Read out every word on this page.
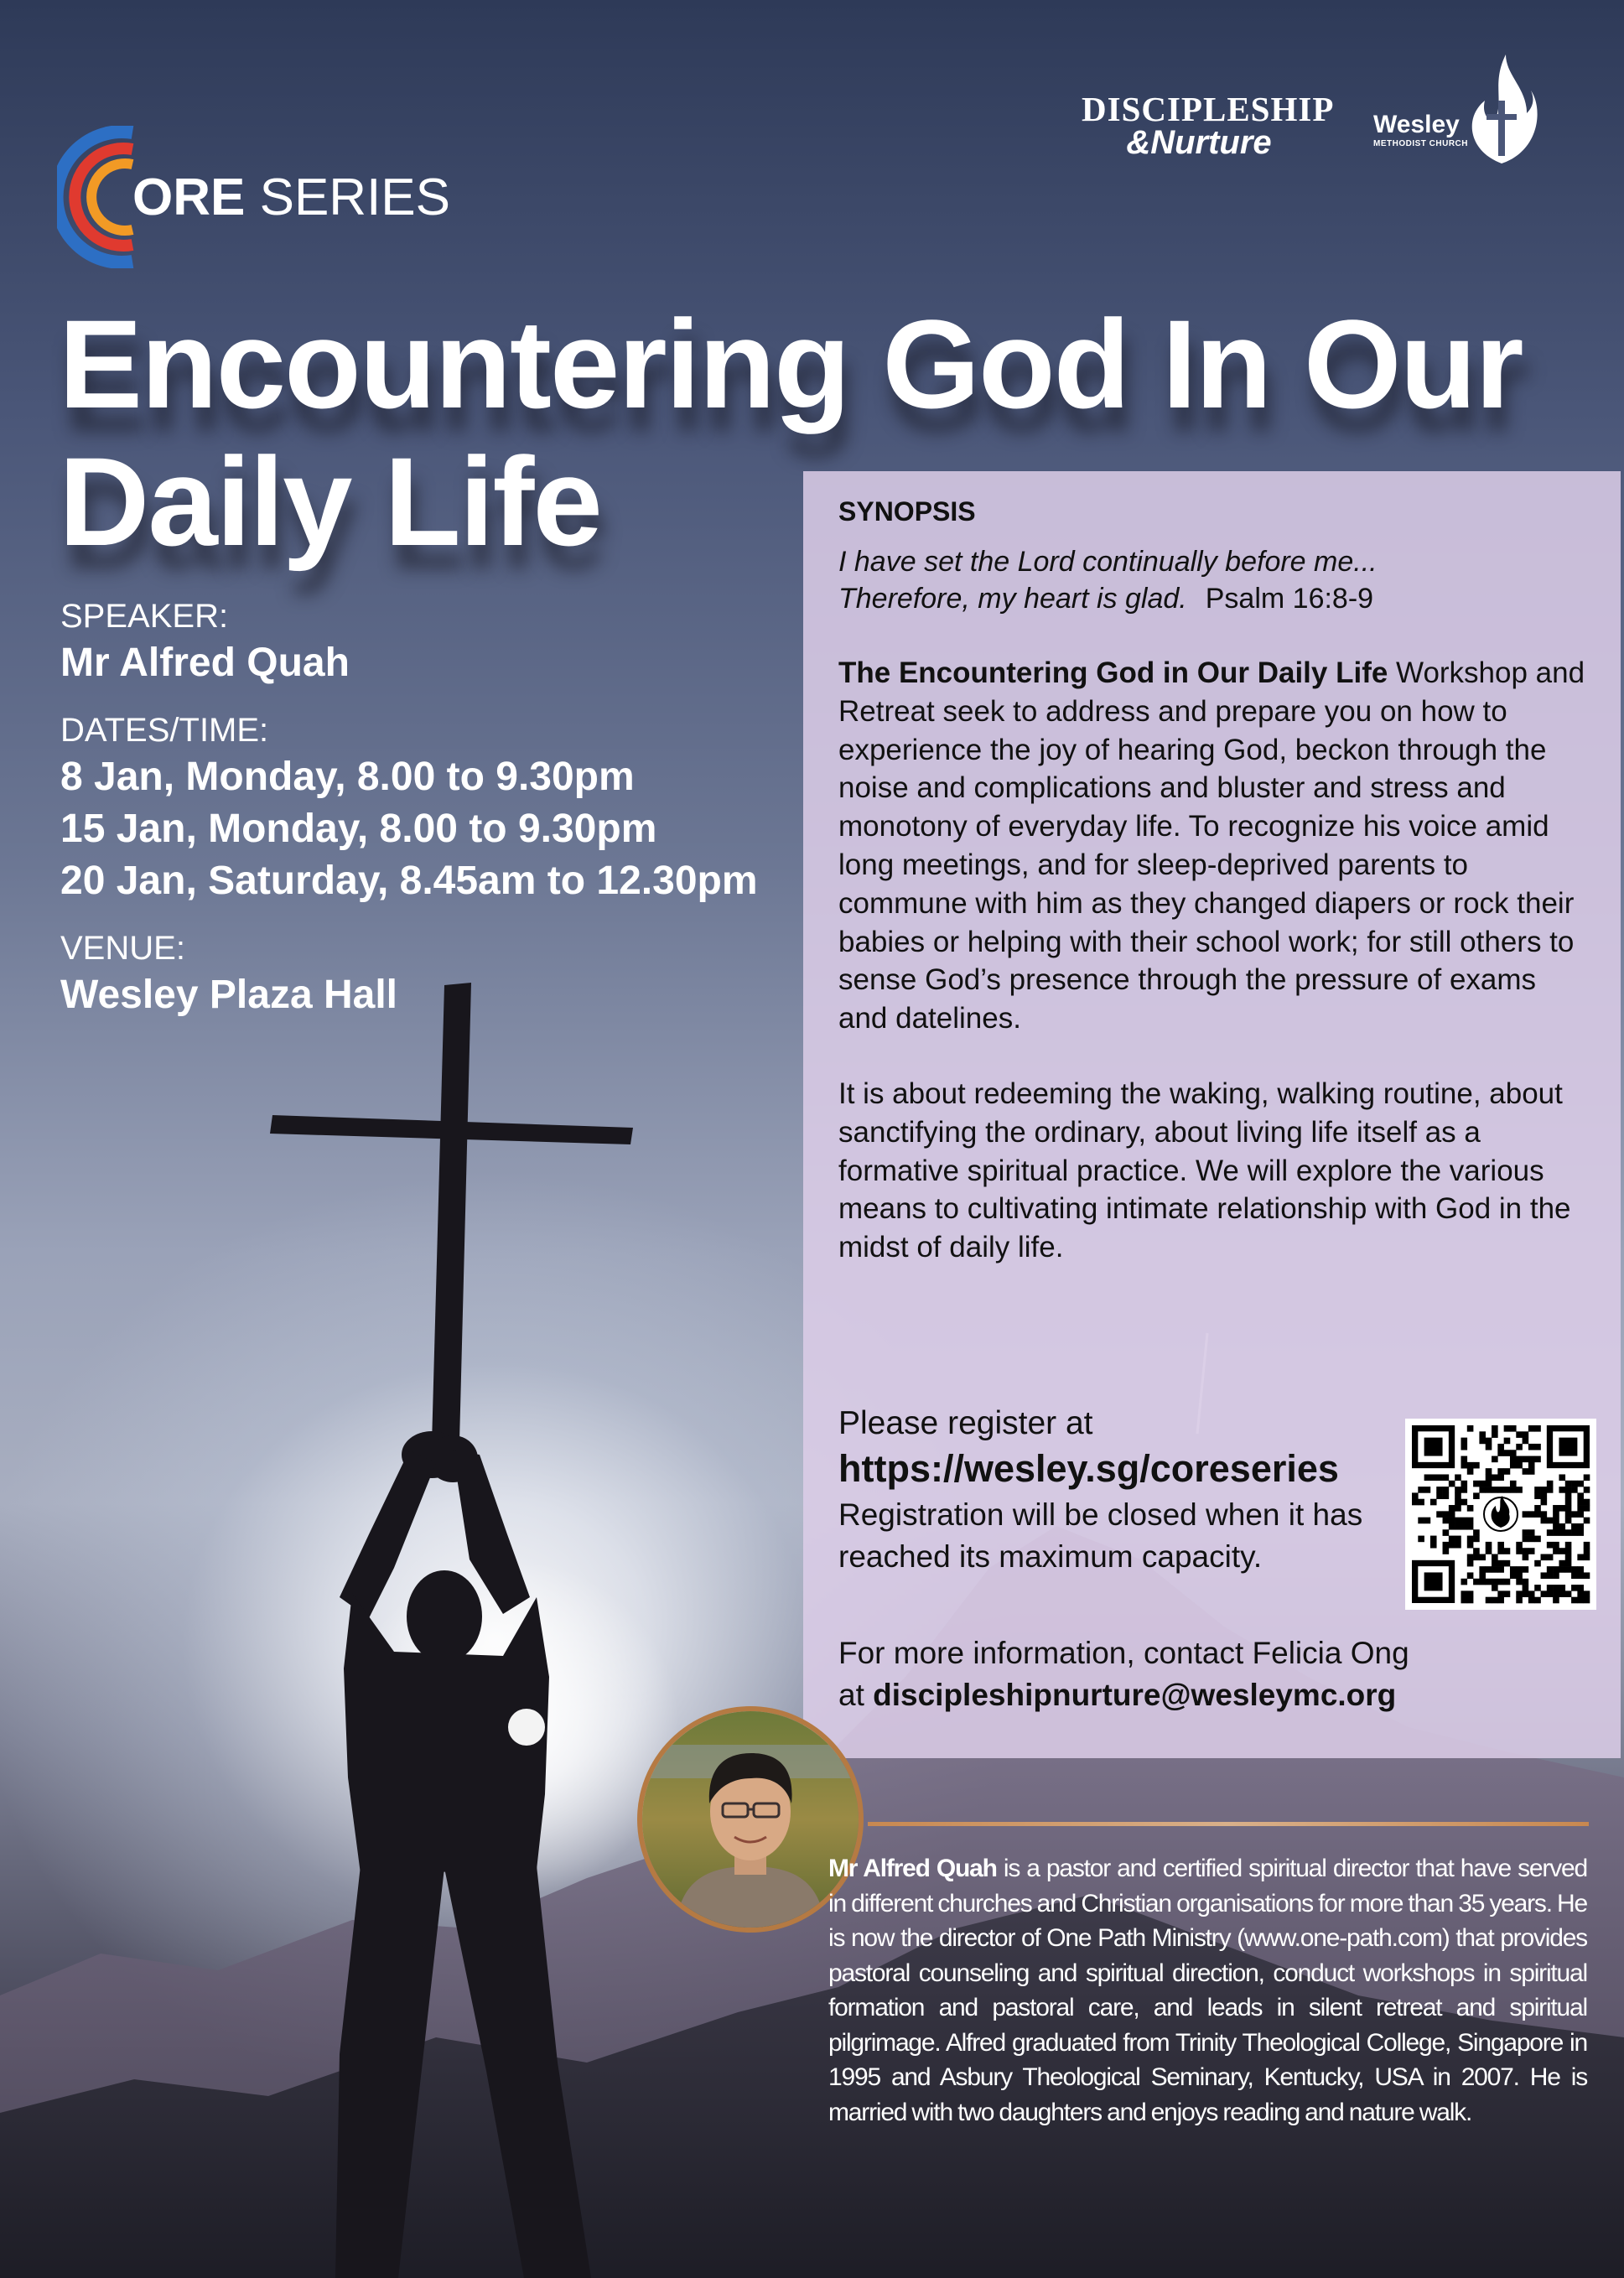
ORE SERIES
DISCIPLESHIP
&Nurture	Wesley
METHODIST CHURCH
Encountering God In Our
Daily Life

SPEAKER:

Mr Alfred Quah

DATES/TIME:

8 Jan, Monday, 8.00 to 9.30pm

15 Jan, Monday, 8.00 to 9.30pm

20 Jan, Saturday, 8.45am to 12.30pm

VENUE:

Wesley Plaza Hall

SYNOPSIS

I have set the Lord continually before me...
Therefore, my heart is glad. Psalm 16:8-9

The Encountering God in Our Daily Life Workshop and Retreat seek to address and prepare you on how to experience the joy of hearing God, beckon through the noise and complications and bluster and stress and monotony of everyday life. To recognize his voice amid long meetings, and for sleep-deprived parents to commune with him as they changed diapers or rock their babies or helping with their school work; for still others to sense God’s presence through the pressure of exams and datelines.

It is about redeeming the waking, walking routine, about sanctifying the ordinary, about living life itself as a formative spiritual practice. We will explore the various means to cultivating intimate relationship with God in the midst of daily life.

Please register at

https://wesley.sg/coreseries

Registration will be closed when it has reached its maximum capacity.

For more information, contact Felicia Ong

at discipleshipnurture@wesleymc.org

Mr Alfred Quah is a pastor and certified spiritual director that have served in different churches and Christian organisations for more than 35 years. He is now the director of One Path Ministry (www.one-path.com) that provides pastoral counseling and spiritual direction, conduct workshops in spiritual formation and pastoral care, and leads in silent retreat and spiritual pilgrimage. Alfred graduated from Trinity Theological College, Singapore in 1995 and Asbury Theological Seminary, Kentucky, USA in 2007. He is married with two daughters and enjoys reading and nature walk.
